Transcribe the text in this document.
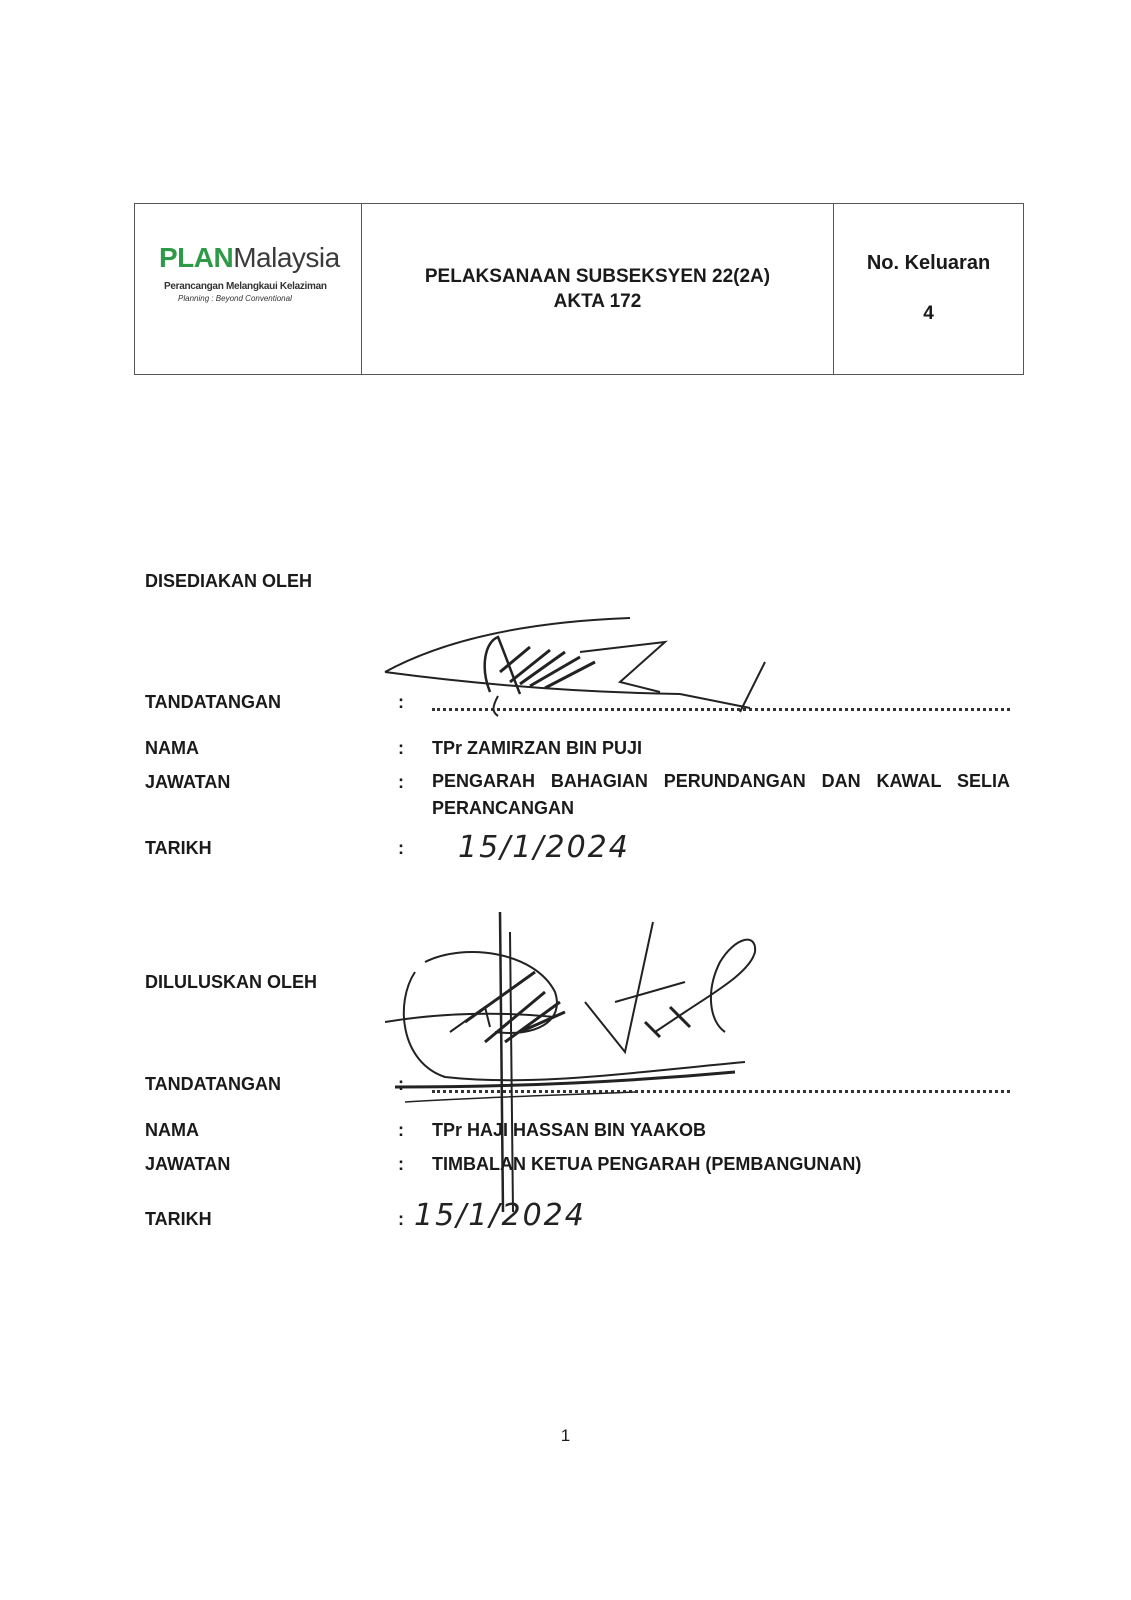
PLANMalaysia
Perancangan Melangkaui Kelaziman
Planning : Beyond Conventional
PELAKSANAAN SUBSEKSYEN 22(2A)
AKTA 172
No. Keluaran
4
DISEDIAKAN OLEH
TANDATANGAN	:
NAMA	: TPr ZAMIRZAN BIN PUJI
JAWATAN	: PENGARAH BAHAGIAN PERUNDANGAN DAN KAWAL SELIA PERANCANGAN
TARIKH	: 15/1/2024
DILULUSKAN OLEH
TANDATANGAN	:
NAMA	: TPr HAJI HASSAN BIN YAAKOB
JAWATAN	: TIMBALAN KETUA PENGARAH (PEMBANGUNAN)
TARIKH	: 15/1/2024
1
